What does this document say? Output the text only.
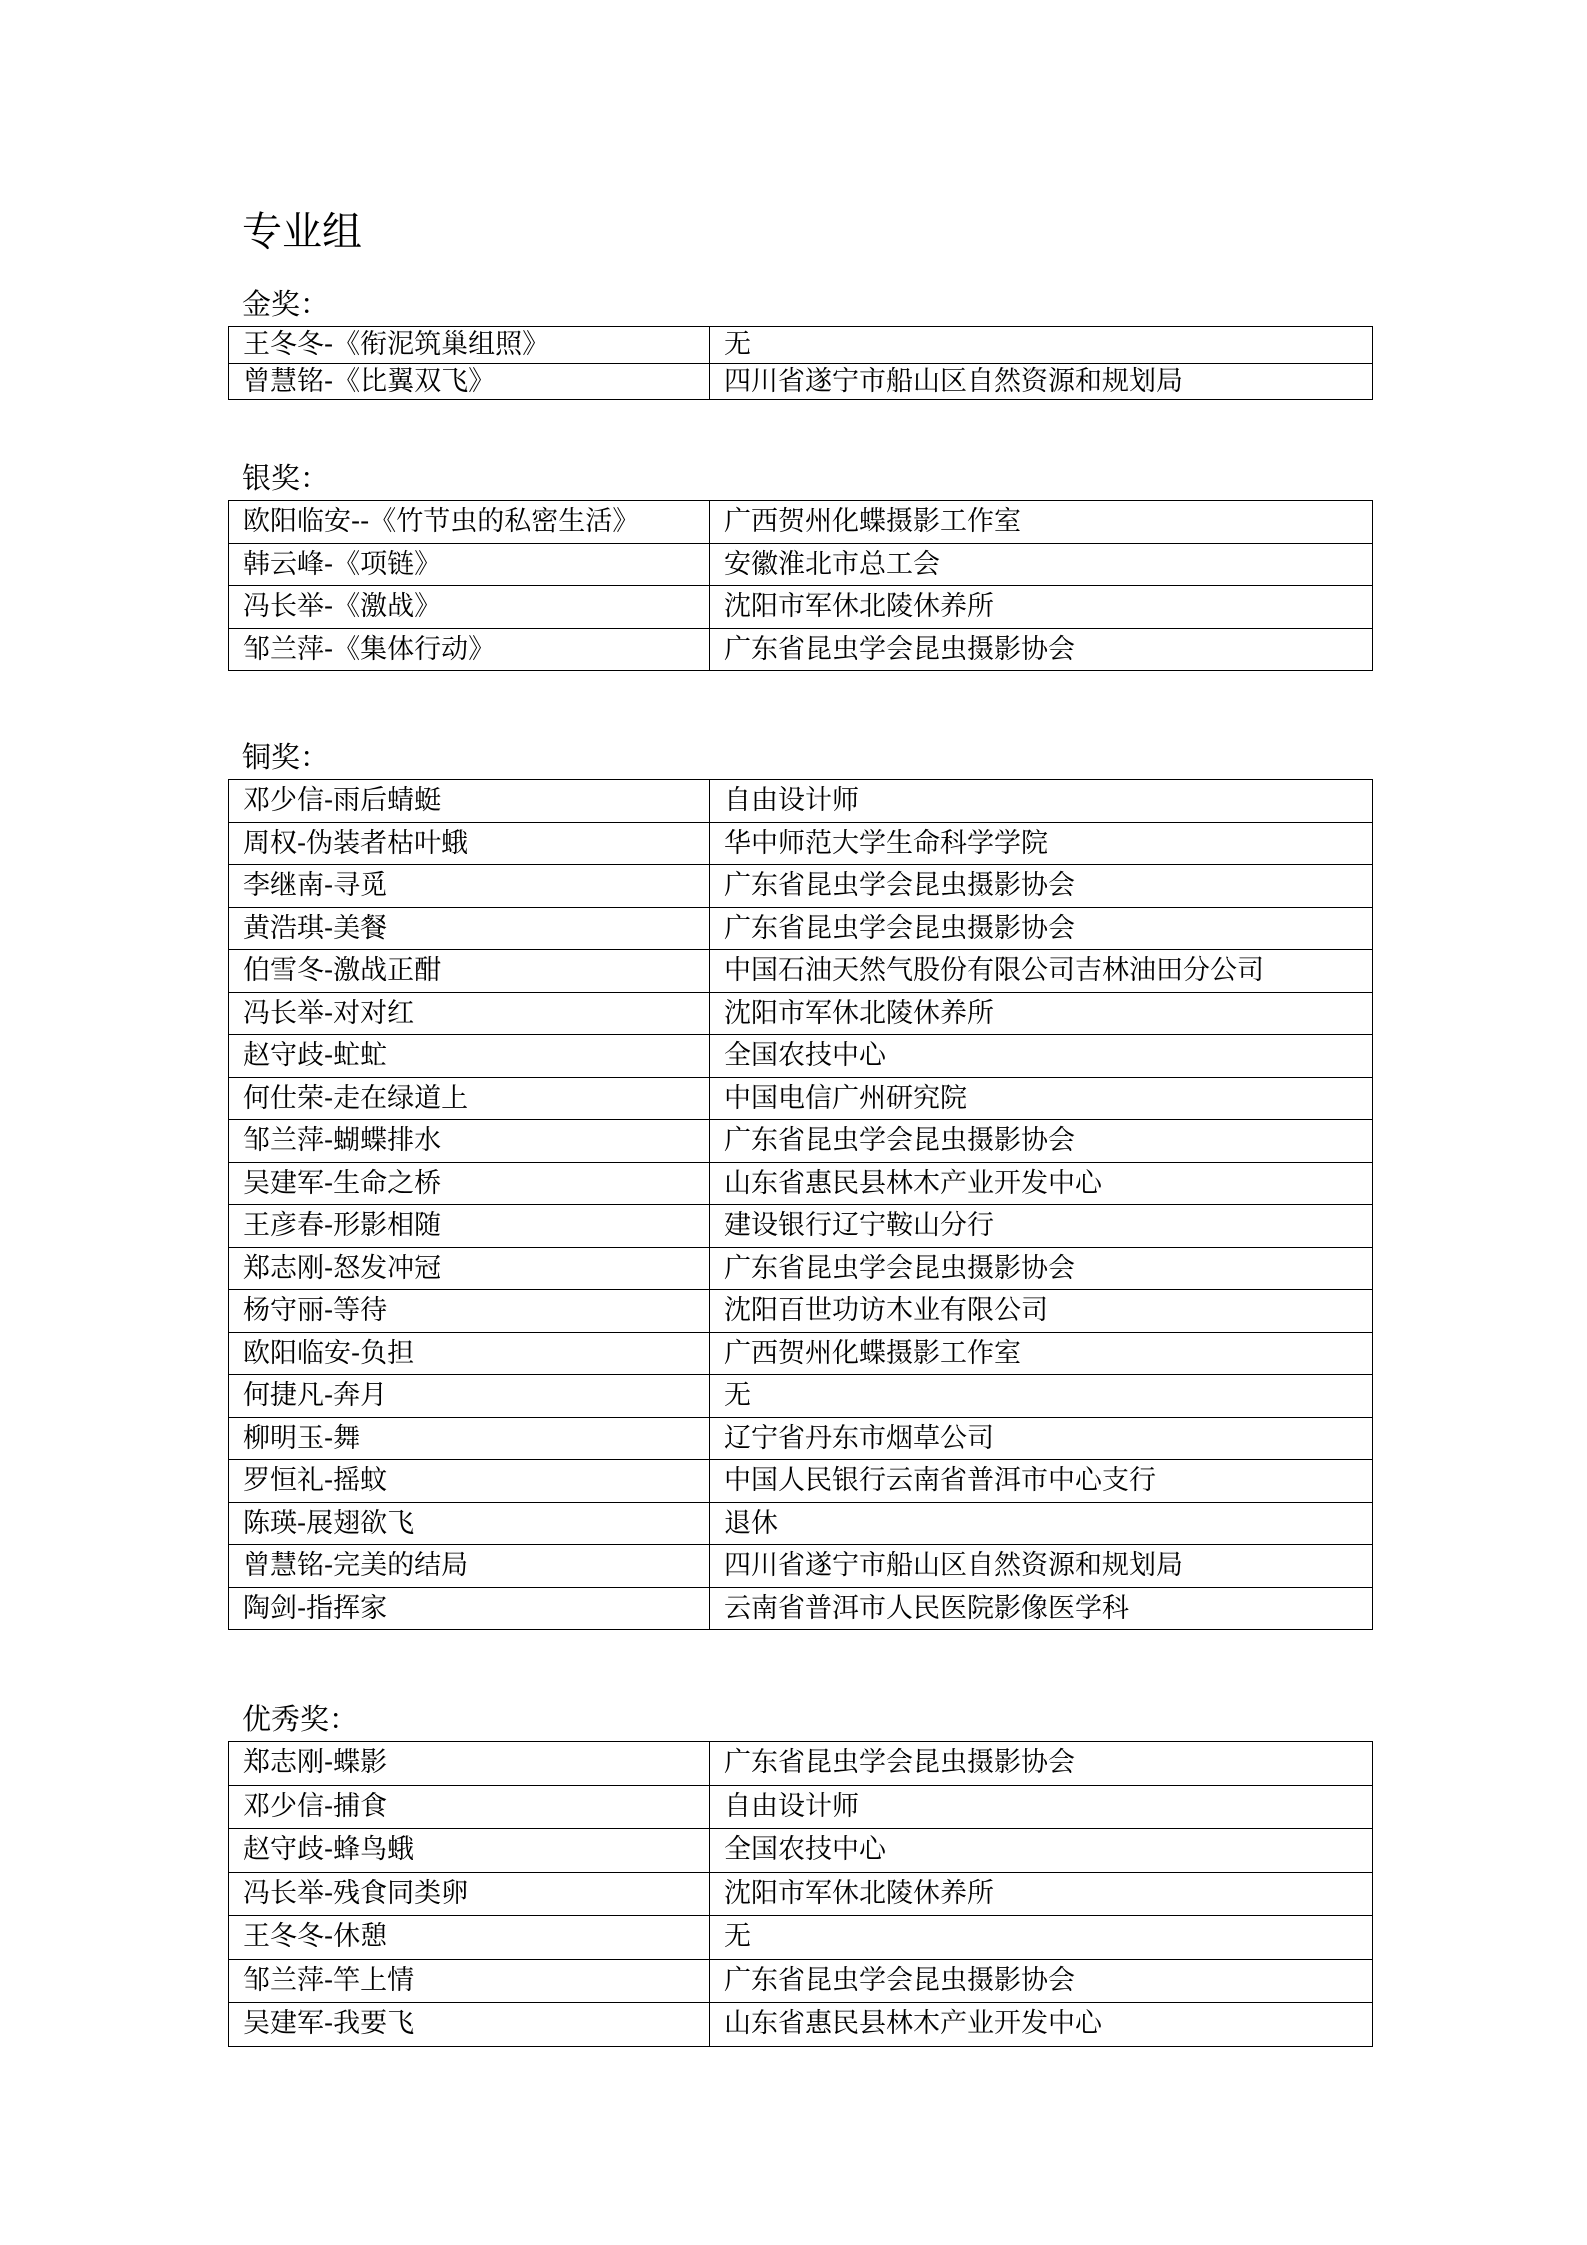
专业组
金奖：
王冬冬-《衔泥筑巢组照》	无
曾慧铭-《比翼双飞》	四川省遂宁市船山区自然资源和规划局
银奖：
欧阳临安--《竹节虫的私密生活》	广西贺州化蝶摄影工作室
韩云峰-《项链》	安徽淮北市总工会
冯长举-《激战》	沈阳市军休北陵休养所
邹兰萍-《集体行动》	广东省昆虫学会昆虫摄影协会
铜奖：
邓少信-雨后蜻蜓	自由设计师
周权-伪装者枯叶蛾	华中师范大学生命科学学院
李继南-寻觅	广东省昆虫学会昆虫摄影协会
黄浩琪-美餐	广东省昆虫学会昆虫摄影协会
伯雪冬-激战正酣	中国石油天然气股份有限公司吉林油田分公司
冯长举-对对红	沈阳市军休北陵休养所
赵守歧-虻虻	全国农技中心
何仕荣-走在绿道上	中国电信广州研究院
邹兰萍-蝴蝶排水	广东省昆虫学会昆虫摄影协会
吴建军-生命之桥	山东省惠民县林木产业开发中心
王彦春-形影相随	建设银行辽宁鞍山分行
郑志刚-怒发冲冠	广东省昆虫学会昆虫摄影协会
杨守丽-等待	沈阳百世功访木业有限公司
欧阳临安-负担	广西贺州化蝶摄影工作室
何捷凡-奔月	无
柳明玉-舞	辽宁省丹东市烟草公司
罗恒礼-摇蚊	中国人民银行云南省普洱市中心支行
陈瑛-展翅欲飞	退休
曾慧铭-完美的结局	四川省遂宁市船山区自然资源和规划局
陶剑-指挥家	云南省普洱市人民医院影像医学科
优秀奖：
郑志刚-蝶影	广东省昆虫学会昆虫摄影协会
邓少信-捕食	自由设计师
赵守歧-蜂鸟蛾	全国农技中心
冯长举-残食同类卵	沈阳市军休北陵休养所
王冬冬-休憩	无
邹兰萍-竿上情	广东省昆虫学会昆虫摄影协会
吴建军-我要飞	山东省惠民县林木产业开发中心
